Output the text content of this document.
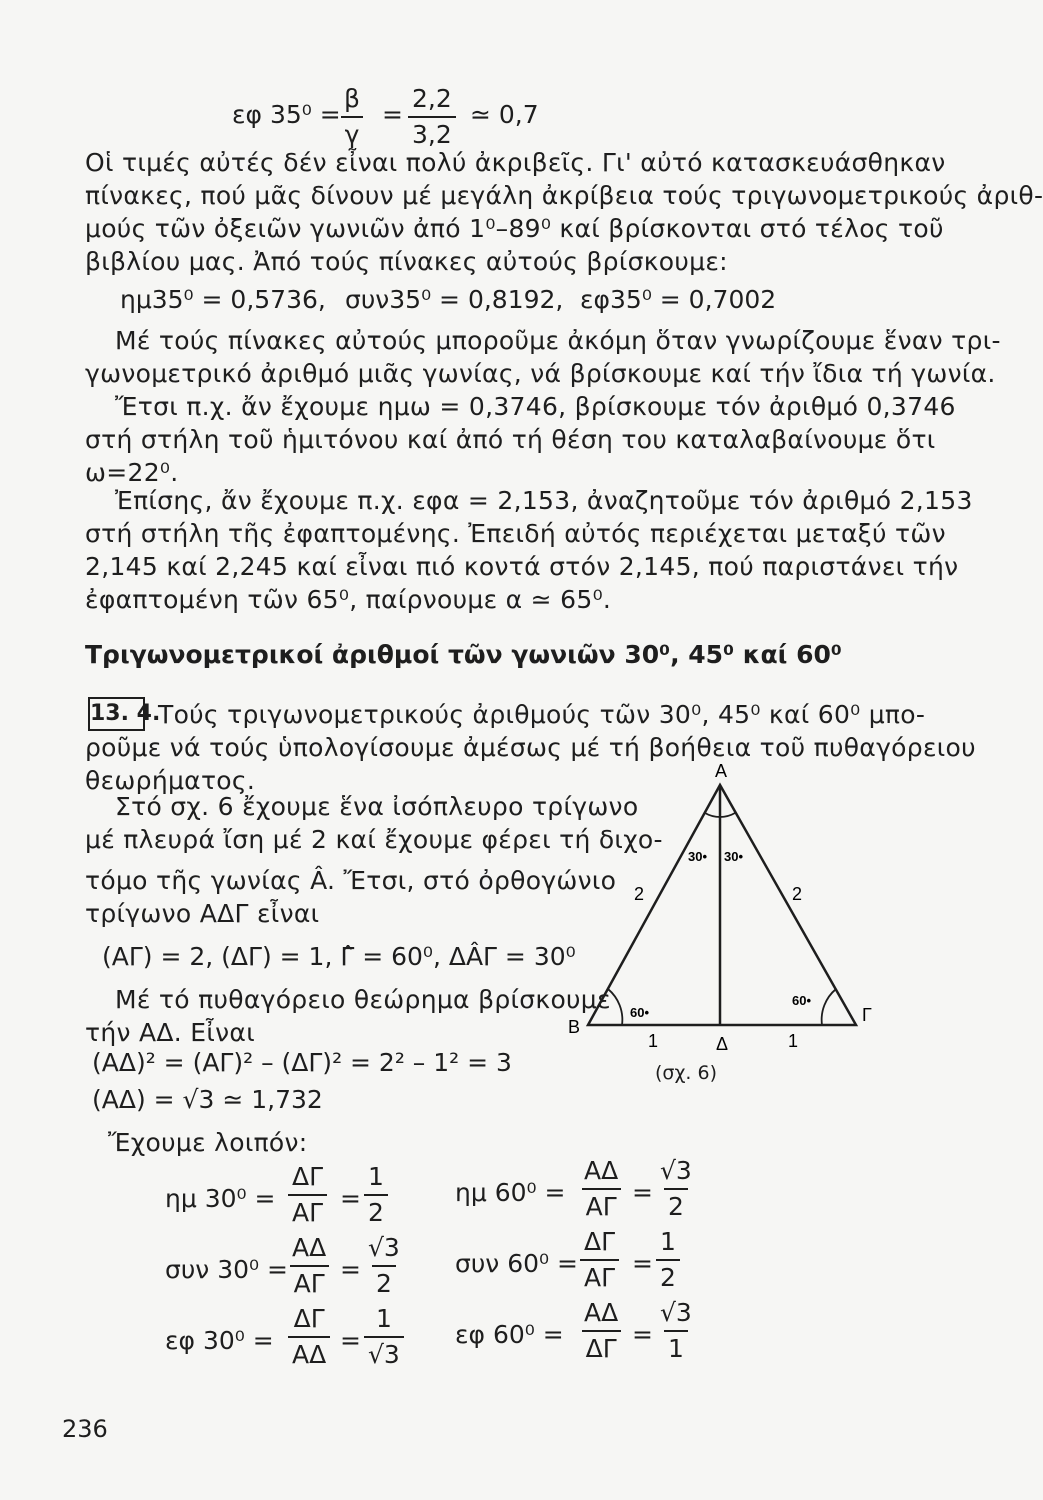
εφ $35^0 = \frac{\beta}{\gamma} = \frac{2,2}{3,2}$ ≃ 0,7
Οἱ τιμές αὐτές δέν εἶναι πολύ ἀκριβεῖς. Γι' αὐτό κατασκευάσθηκαν
πίνακες, πού μᾶς δίνουν μέ μεγάλη ἀκρίβεια τούς τριγωνομετρικούς ἀριθ-
μούς τῶν ὀξειῶν γωνιῶν ἀπό 1⁰–89⁰ καί βρίσκονται στό τέλος τοῦ
βιβλίου μας. Ἀπό τούς πίνακες αὐτούς βρίσκουμε:
ημ35⁰ = 0,5736, συν35⁰ = 0,8192, εφ35⁰ = 0,7002
Μέ τούς πίνακες αὐτούς μποροῦμε ἀκόμη ὅταν γνωρίζουμε ἕναν τρι-
γωνομετρικό ἀριθμό μιᾶς γωνίας, νά βρίσκουμε καί τήν ἴδια τή γωνία.
Ἔτσι π.χ. ἄν ἔχουμε ημω = 0,3746, βρίσκουμε τόν ἀριθμό 0,3746
στή στήλη τοῦ ἡμιτόνου καί ἀπό τή θέση του καταλαβαίνουμε ὅτι
ω=22⁰.
Ἐπίσης, ἄν ἔχουμε π.χ. εφα = 2,153, ἀναζητοῦμε τόν ἀριθμό 2,153
στή στήλη τῆς ἐφαπτομένης. Ἐπειδή αὐτός περιέχεται μεταξύ τῶν
2,145 καί 2,245 καί εἶναι πιό κοντά στόν 2,145, πού παριστάνει τήν
ἐφαπτομένη τῶν 65⁰, παίρνουμε α ≃ 65⁰.
Τριγωνομετρικοί ἀριθμοί τῶν γωνιῶν 30⁰, 45⁰ καί 60⁰
13. 4.
Τούς τριγωνομετρικούς ἀριθμούς τῶν 30⁰, 45⁰ καί 60⁰ μπο-
ροῦμε νά τούς ὑπολογίσουμε ἀμέσως μέ τή βοήθεια τοῦ πυθαγόρειου
θεωρήματος.
Στό σχ. 6 ἔχουμε ἕνα ἰσόπλευρο τρίγωνο
μέ πλευρά ἴση μέ 2 καί ἔχουμε φέρει τή διχο-
τόμο τῆς γωνίας Â. Ἔτσι, στό ὀρθογώνιο
τρίγωνο ΑΔΓ εἶναι
(ΑΓ) = 2, (ΔΓ) = 1, Γ̂ = 60⁰, ΔÂΓ = 30⁰
Μέ τό πυθαγόρειο θεώρημα βρίσκουμε
τήν ΑΔ. Εἶναι
(ΑΔ)² = (ΑΓ)² – (ΔΓ)² = 2² – 1² = 3
(ΑΔ) = √3 ≃ 1,732
Ἔχουμε λοιπόν:
ημ $30^0 = \frac{\Delta\Gamma}{A\Gamma} = \frac{1}{2}$	ημ $60^0 = \frac{A\Delta}{A\Gamma} = \frac{√3}{2}$
συν $30^0 = \frac{A\Delta}{A\Gamma} = \frac{√3}{2}$ συν $60^0 = \frac{\Delta\Gamma}{A\Gamma} = \frac{1}{2}$
εφ $30^0 = \frac{\Delta\Gamma}{A\Delta} = \frac{1}{√3}$ εφ $60^0 = \frac{A\Delta}{\Delta\Gamma} = \frac{√3}{1}$
Α
Β
Γ
Δ
2	2
1	1
30• 30•
60•
60•
(σχ. 6)
236
